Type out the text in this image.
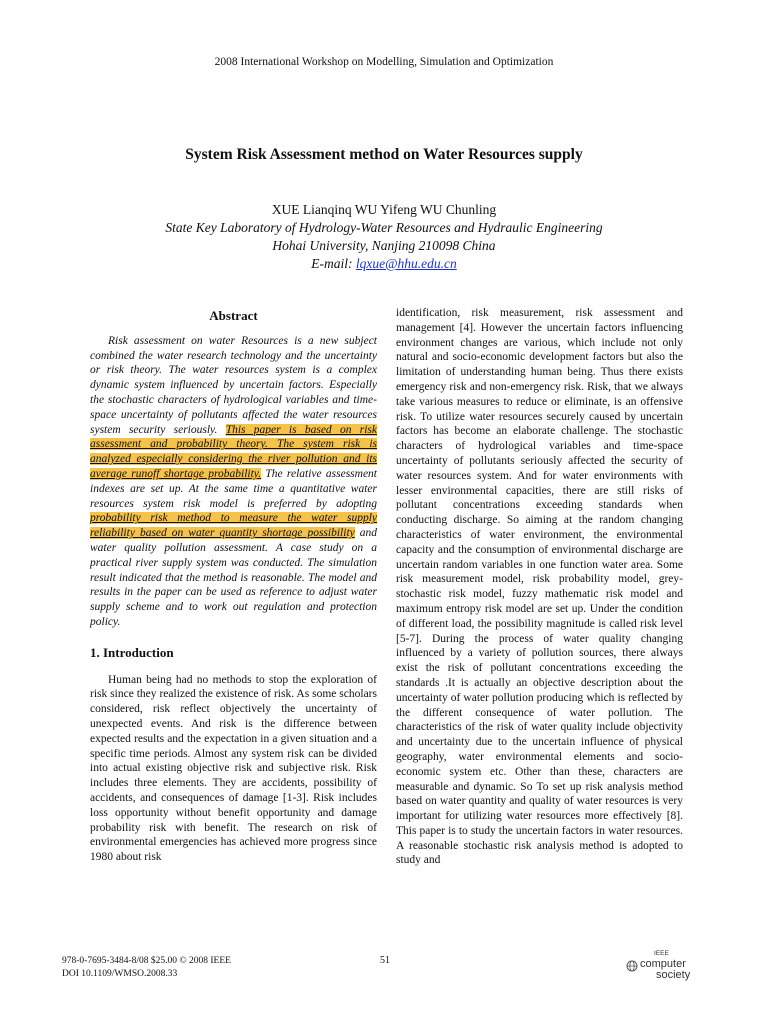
2008 International Workshop on Modelling, Simulation and Optimization
System Risk Assessment method on Water Resources supply
XUE Lianqinq WU Yifeng WU Chunling
State Key Laboratory of Hydrology-Water Resources and Hydraulic Engineering
Hohai University, Nanjing 210098 China
E-mail: lqxue@hhu.edu.cn
Abstract

Risk assessment on water Resources is a new subject combined the water research technology and the uncertainty or risk theory. The water resources system is a complex dynamic system influenced by uncertain factors. Especially the stochastic characters of hydrological variables and time-space uncertainty of pollutants affected the water resources system security seriously. This paper is based on risk assessment and probability theory. The system risk is analyzed especially considering the river pollution and its average runoff shortage probability. The relative assessment indexes are set up. At the same time a quantitative water resources system risk model is preferred by adopting probability risk method to measure the water supply reliability based on water quantity shortage possibility and water quality pollution assessment. A case study on a practical river supply system was conducted. The simulation result indicated that the method is reasonable. The model and results in the paper can be used as reference to adjust water supply scheme and to work out regulation and protection policy.

1. Introduction

Human being had no methods to stop the exploration of risk since they realized the existence of risk. As some scholars considered, risk reflect objectively the uncertainty of unexpected events. And risk is the difference between expected results and the expectation in a given situation and a specific time periods. Almost any system risk can be divided into actual existing objective risk and subjective risk. Risk includes three elements. They are accidents, possibility of accidents, and consequences of damage [1-3]. Risk includes loss opportunity without benefit opportunity and damage probability risk with benefit. The research on risk of environmental emergencies has achieved more progress since 1980 about risk

identification, risk measurement, risk assessment and management [4]. However the uncertain factors influencing environment changes are various, which include not only natural and socio-economic development factors but also the limitation of understanding human being. Thus there exists emergency risk and non-emergency risk. Risk, that we always take various measures to reduce or eliminate, is an offensive risk. To utilize water resources securely caused by uncertain factors has become an elaborate challenge. The stochastic characters of hydrological variables and time-space uncertainty of pollutants seriously affected the security of water resources system. And for water environments with lesser environmental capacities, there are still risks of pollutant concentrations exceeding standards when conducting discharge. So aiming at the random changing characteristics of water environment, the environmental capacity and the consumption of environmental discharge are uncertain random variables in one function water area. Some risk measurement model, risk probability model, grey-stochastic risk model, fuzzy mathematic risk model and maximum entropy risk model are set up. Under the condition of different load, the possibility magnitude is called risk level [5-7]. During the process of water quality changing influenced by a variety of pollution sources, there always exist the risk of pollutant concentrations exceeding the standards .It is actually an objective description about the uncertainty of water pollution producing which is reflected by the different consequence of water pollution. The characteristics of the risk of water quality include objectivity and uncertainty due to the uncertain influence of physical geography, water environmental elements and socio-economic system etc. Other than these, characters are measurable and dynamic. So To set up risk analysis method based on water quantity and quality of water resources is very important for utilizing water resources more effectively [8]. This paper is to study the uncertain factors in water resources. A reasonable stochastic risk analysis method is adopted to study and

978-0-7695-3484-8/08 $25.00 © 2008 IEEE
DOI 10.1109/WMSO.2008.33
51
IEEE
computer
society
